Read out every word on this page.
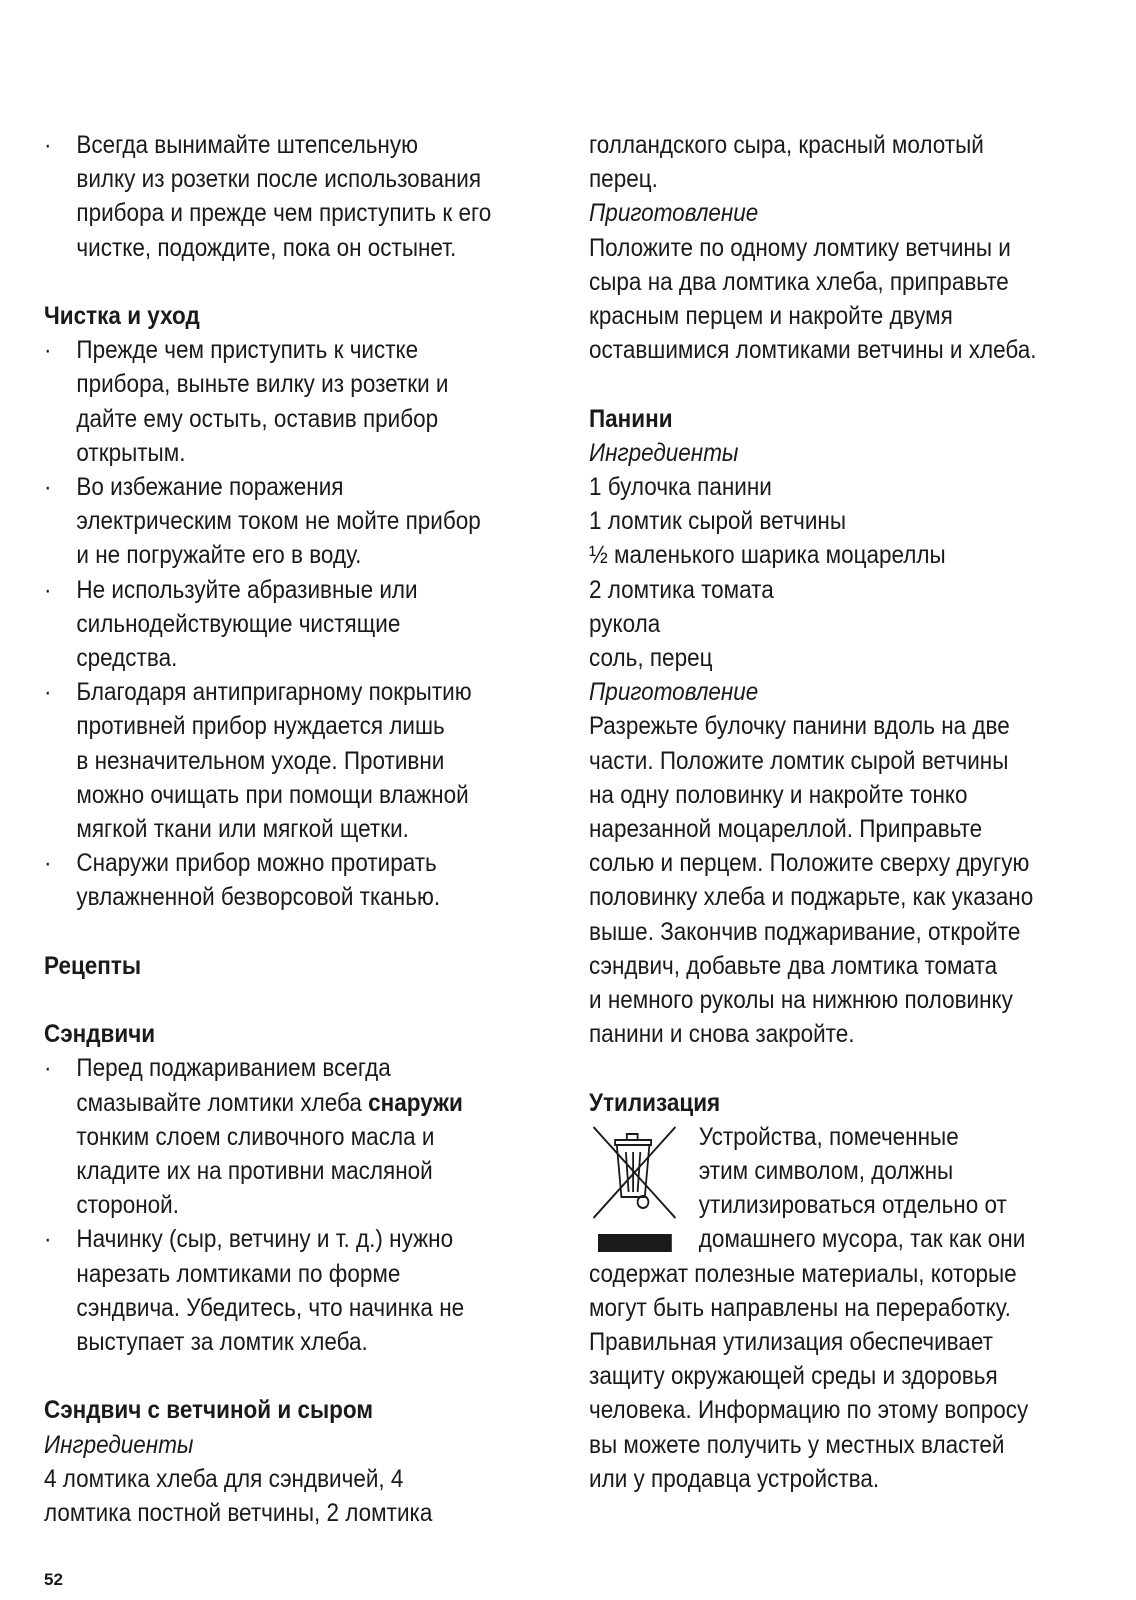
· Всегда вынимайте штепсельную
вилку из розетки после использования
прибора и прежде чем приступить к его
чистке, подождите, пока он остынет.
Чистка и уход
· Прежде чем приступить к чистке
прибора, выньте вилку из розетки и
дайте ему остыть, оставив прибор
открытым.
· Во избежание поражения
электрическим током не мойте прибор
и не погружайте его в воду.
· Не используйте абразивные или
сильнодействующие чистящие
средства.
· Благодаря антипригарному покрытию
противней прибор нуждается лишь
в незначительном уходе. Противни
можно очищать при помощи влажной
мягкой ткани или мягкой щетки.
· Снаружи прибор можно протирать
увлажненной безворсовой тканью.
Рецепты
Сэндвичи
· Перед поджариванием всегда
смазывайте ломтики хлеба снаружи
тонким слоем сливочного масла и
кладите их на противни масляной
стороной.
· Начинку (сыр, ветчину и т. д.) нужно
нарезать ломтиками по форме
сэндвича. Убедитесь, что начинка не
выступает за ломтик хлеба.
Сэндвич с ветчиной и сыром
Ингредиенты
4 ломтика хлеба для сэндвичей, 4
ломтика постной ветчины, 2 ломтика
голландского сыра, красный молотый
перец.
Приготовление
Положите по одному ломтику ветчины и
сыра на два ломтика хлеба, приправьте
красным перцем и накройте двумя
оставшимися ломтиками ветчины и хлеба.
Панини
Ингредиенты
1 булочка панини
1 ломтик сырой ветчины
½ маленького шарика моцареллы
2 ломтика томата
рукола
соль, перец
Приготовление
Разрежьте булочку панини вдоль на две
части. Положите ломтик сырой ветчины
на одну половинку и накройте тонко
нарезанной моцареллой. Приправьте
солью и перцем. Положите сверху другую
половинку хлеба и поджарьте, как указано
выше. Закончив поджаривание, откройте
сэндвич, добавьте два ломтика томата
и немного руколы на нижнюю половинку
панини и снова закройте.
Утилизация
Устройства, помеченные
этим символом, должны
утилизироваться отдельно от
домашнего мусора, так как они
содержат полезные материалы, которые
могут быть направлены на переработку.
Правильная утилизация обеспечивает
защиту окружающей среды и здоровья
человека. Информацию по этому вопросу
вы можете получить у местных властей
или у продавца устройства.
52
